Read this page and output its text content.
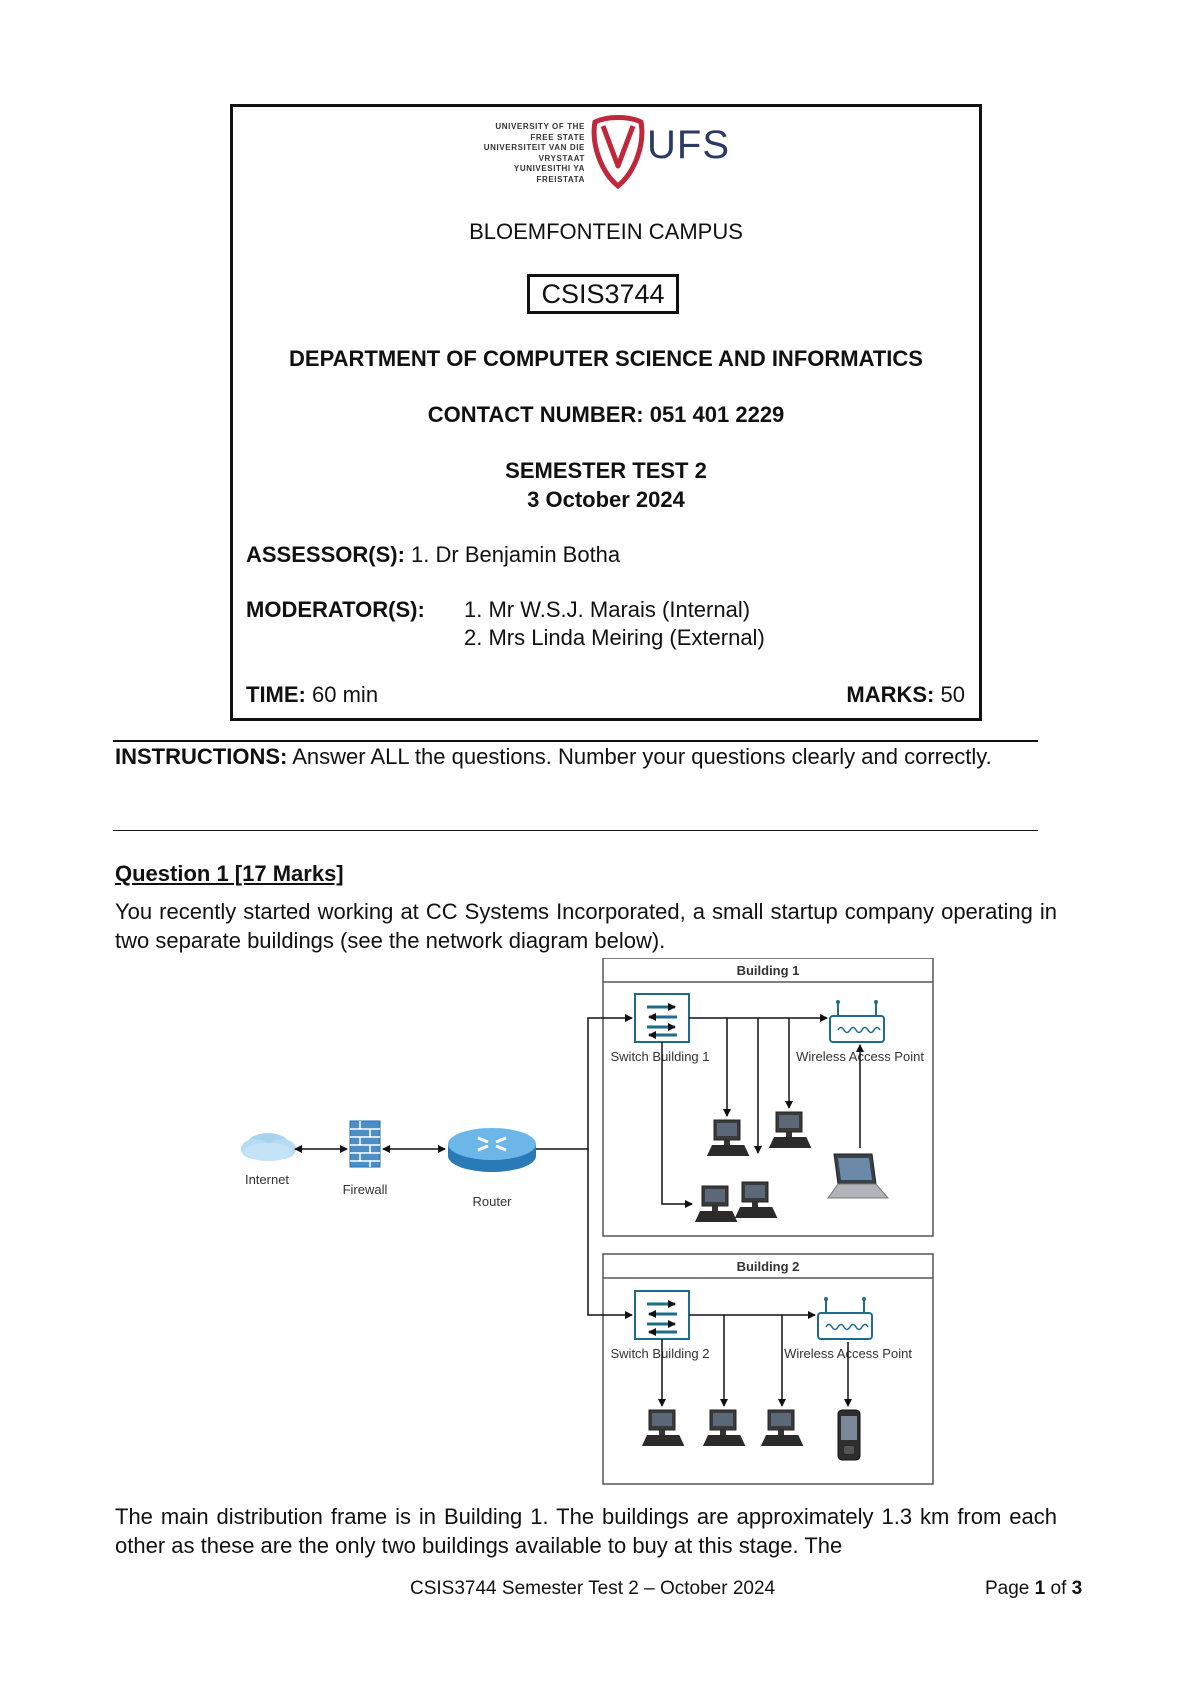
UNIVERSITY OF THE
FREE STATE
UNIVERSITEIT VAN DIE
VRYSTAAT
YUNIVESITHI YA
FREISTATA
UFS
BLOEMFONTEIN CAMPUS
CSIS3744
DEPARTMENT OF COMPUTER SCIENCE AND INFORMATICS
CONTACT NUMBER: 051 401 2229
SEMESTER TEST 2
3 October 2024
ASSESSOR(S): 1. Dr Benjamin Botha
MODERATOR(S): 1. Mr W.S.J. Marais (Internal)
2. Mrs Linda Meiring (External)
TIME: 60 min	MARKS: 50
INSTRUCTIONS: Answer ALL the questions. Number your questions clearly and correctly.
Question 1 [17 Marks]
You recently started working at CC Systems Incorporated, a small startup company operating in two separate buildings (see the network diagram below).
Building 1
Building 2
Internet
Firewall
Router
Switch Building 1	Wireless Access Point
Switch Building 2	Wireless Access Point
The main distribution frame is in Building 1. The buildings are approximately 1.3 km from each other as these are the only two buildings available to buy at this stage. The
CSIS3744 Semester Test 2 – October 2024	Page 1 of 3
